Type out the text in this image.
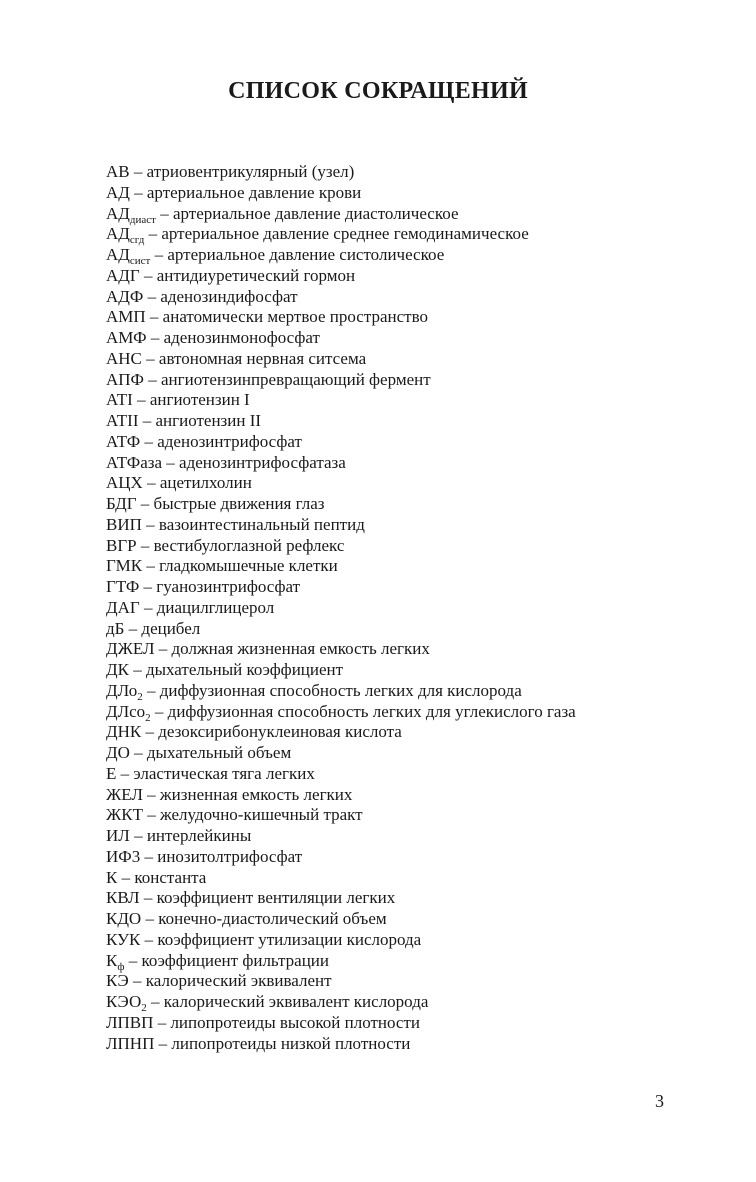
СПИСОК СОКРАЩЕНИЙ
АВ – атриовентрикулярный (узел)
АД – артериальное давление крови
$АД_{диаст}$ – артериальное давление диастолическое
$АД_{сгд}$ – артериальное давление среднее гемодинамическое
$АД_{сист}$ – артериальное давление систолическое
АДГ – антидиуретический гормон
АДФ – аденозиндифосфат
АМП – анатомически мертвое пространство
АМФ – аденозинмонофосфат
АНС – автономная нервная ситсема
АПФ – ангиотензинпревращающий фермент
АТI – ангиотензин I
АТII – ангиотензин II
АТФ – аденозинтрифосфат
АТФаза – аденозинтрифосфатаза
АЦХ – ацетилхолин
БДГ – быстрые движения глаз
ВИП – вазоинтестинальный пептид
ВГР – вестибулоглазной рефлекс
ГМК – гладкомышечные клетки
ГТФ – гуанозинтрифосфат
ДАГ – диацилглицерол
дБ – децибел
ДЖЕЛ – должная жизненная емкость легких
ДК – дыхательный коэффициент
ДЛо$_2$ – диффузионная способность легких для кислорода
ДЛсо$_2$ – диффузионная способность легких для углекислого газа
ДНК – дезоксирибонуклеиновая кислота
ДО – дыхательный объем
Е – эластическая тяга легких
ЖЕЛ – жизненная емкость легких
ЖКТ – желудочно-кишечный тракт
ИЛ – интерлейкины
ИФ3 – инозитолтрифосфат
К – константа
КВЛ – коэффициент вентиляции легких
КДО – конечно-диастолический объем
КУК – коэффициент утилизации кислорода
$К_ф$ – коэффициент фильтрации
КЭ – калорический эквивалент
$КЭО_2$ – калорический эквивалент кислорода
ЛПВП – липопротеиды высокой плотности
ЛПНП – липопротеиды низкой плотности
3
